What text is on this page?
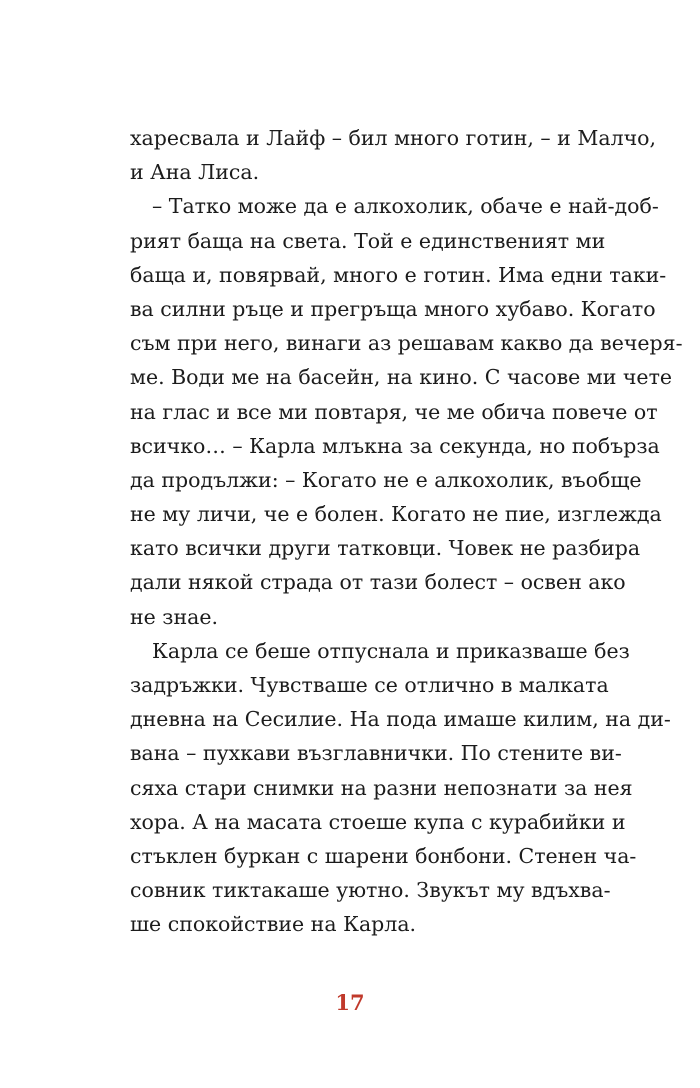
харесвала и Лайф – бил много готин, – и Малчо,
и Ана Лиса.
– Татко може да е алкохолик, обаче е най-доб-
рият баща на света. Той е единственият ми
баща и, повярвай, много е готин. Има едни таки-
ва силни ръце и прегръща много хубаво. Когато
съм при него, винаги аз решавам какво да вечеря-
ме. Води ме на басейн, на кино. С часове ми чете
на глас и все ми повтаря, че ме обича повече от
всичко… – Карла млъкна за секунда, но побърза
да продължи: – Когато не е алкохолик, въобще
не му личи, че е болен. Когато не пие, изглежда
като всички други татковци. Човек не разбира
дали някой страда от тази болест – освен ако
не знае.
Карла се беше отпуснала и приказваше без
задръжки. Чувстваше се отлично в малката
дневна на Сесилие. На пода имаше килим, на ди-
вана – пухкави възглавнички. По стените ви-
сяха стари снимки на разни непознати за нея
хора. А на масата стоеше купа с курабийки и
стъклен буркан с шарени бонбони. Стенен ча-
совник тиктакаше уютно. Звукът му вдъхва-
ше спокойствие на Карла.
17
